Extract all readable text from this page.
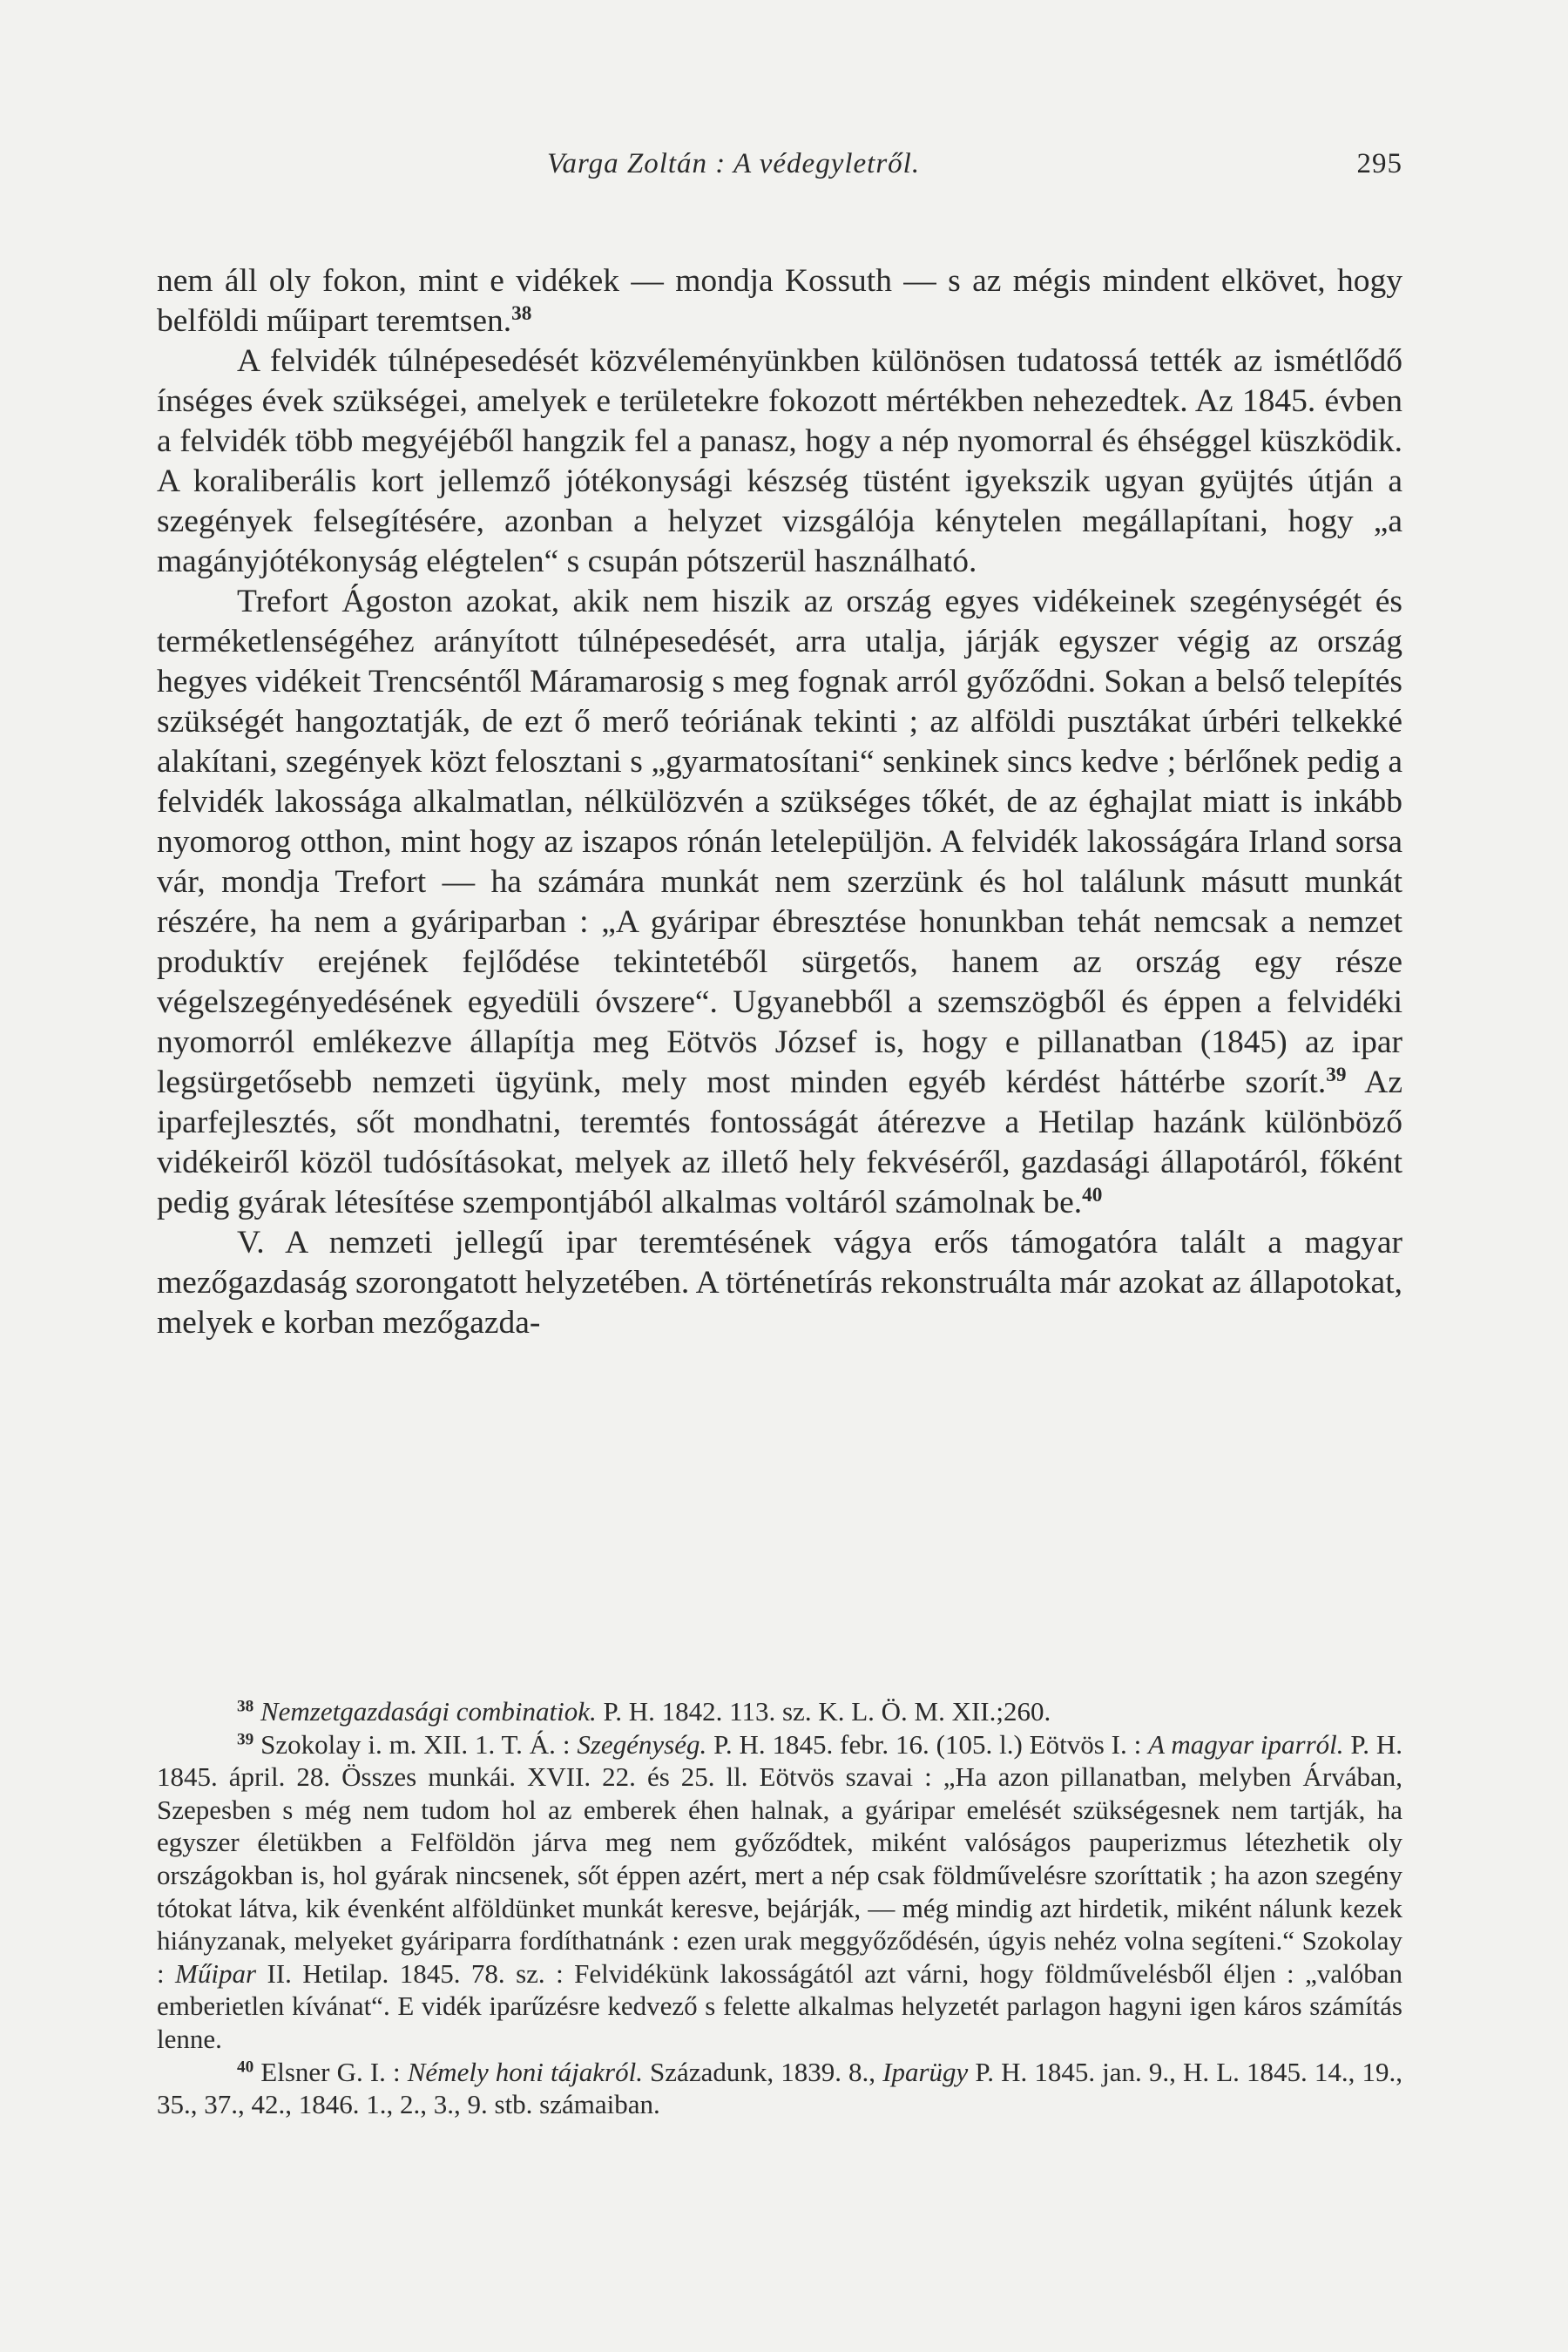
Varga Zoltán : A védegyletről.	295

nem áll oly fokon, mint e vidékek — mondja Kossuth — s az mégis mindent elkövet, hogy belföldi műipart teremtsen.$^{38}$

A felvidék túlnépesedését közvéleményünkben különösen tudatossá tették az ismétlődő ínséges évek szükségei, amelyek e területekre fokozott mértékben nehezedtek. Az 1845. évben a felvidék több megyéjéből hangzik fel a panasz, hogy a nép nyomorral és éhséggel küszködik. A koraliberális kort jellemző jótékonysági készség tüstént igyekszik ugyan gyüjtés útján a szegények felsegítésére, azonban a helyzet vizsgálója kénytelen megállapítani, hogy „a magányjótékonyság elégtelen“ s csupán pótszerül használható.

Trefort Ágoston azokat, akik nem hiszik az ország egyes vidékeinek szegénységét és terméketlenségéhez arányított túlnépesedését, arra utalja, járják egyszer végig az ország hegyes vidékeit Trencséntől Máramarosig s meg fognak arról győződni. Sokan a belső telepítés szükségét hangoztatják, de ezt ő merő teóriának tekinti ; az alföldi pusztákat úrbéri telkekké alakítani, szegények közt felosztani s „gyarmatosítani“ senkinek sincs kedve ; bérlőnek pedig a felvidék lakossága alkalmatlan, nélkülözvén a szükséges tőkét, de az éghajlat miatt is inkább nyomorog otthon, mint hogy az iszapos rónán letelepüljön. A felvidék lakosságára Irland sorsa vár, mondja Trefort — ha számára munkát nem szerzünk és hol találunk másutt munkát részére, ha nem a gyáriparban : „A gyáripar ébresztése honunkban tehát nemcsak a nemzet produktív erejének fejlődése tekintetéből sürgetős, hanem az ország egy része végelszegényedésének egyedüli óvszere“. Ugyanebből a szemszögből és éppen a felvidéki nyomorról emlékezve állapítja meg Eötvös József is, hogy e pillanatban (1845) az ipar legsürgetősebb nemzeti ügyünk, mely most minden egyéb kérdést háttérbe szorít.$^{39}$ Az iparfejlesztés, sőt mondhatni, teremtés fontosságát átérezve a Hetilap hazánk különböző vidékeiről közöl tudósításokat, melyek az illető hely fekvéséről, gazdasági állapotáról, főként pedig gyárak létesítése szempontjából alkalmas voltáról számolnak be.$^{40}$

V. A nemzeti jellegű ipar teremtésének vágya erős támogatóra talált a magyar mezőgazdaság szorongatott helyzetében. A történetírás rekonstruálta már azokat az állapotokat, melyek e korban mezőgazda-

$^{38}$ Nemzetgazdasági combinatiok. P. H. 1842. 113. sz. K. L. Ö. M. XII.;260.

$^{39}$ Szokolay i. m. XII. 1. T. Á. : Szegénység. P. H. 1845. febr. 16. (105. l.) Eötvös I. : A magyar iparról. P. H. 1845. ápril. 28. Összes munkái. XVII. 22. és 25. ll. Eötvös szavai : „Ha azon pillanatban, melyben Árvában, Szepesben s még nem tudom hol az emberek éhen halnak, a gyáripar emelését szükségesnek nem tartják, ha egyszer életükben a Felföldön járva meg nem győződtek, miként valóságos pauperizmus létezhetik oly országokban is, hol gyárak nincsenek, sőt éppen azért, mert a nép csak földművelésre szoríttatik ; ha azon szegény tótokat látva, kik évenként alföldünket munkát keresve, bejárják, — még mindig azt hirdetik, miként nálunk kezek hiányzanak, melyeket gyáriparra fordíthatnánk : ezen urak meggyőződésén, úgyis nehéz volna segíteni.“ Szokolay : Műipar II. Hetilap. 1845. 78. sz. : Felvidékünk lakosságától azt várni, hogy földművelésből éljen : „valóban emberietlen kívánat“. E vidék iparűzésre kedvező s felette alkalmas helyzetét parlagon hagyni igen káros számítás lenne.

$^{40}$ Elsner G. I. : Némely honi tájakról. Századunk, 1839. 8., Iparügy P. H. 1845. jan. 9., H. L. 1845. 14., 19., 35., 37., 42., 1846. 1., 2., 3., 9. stb. számaiban.
